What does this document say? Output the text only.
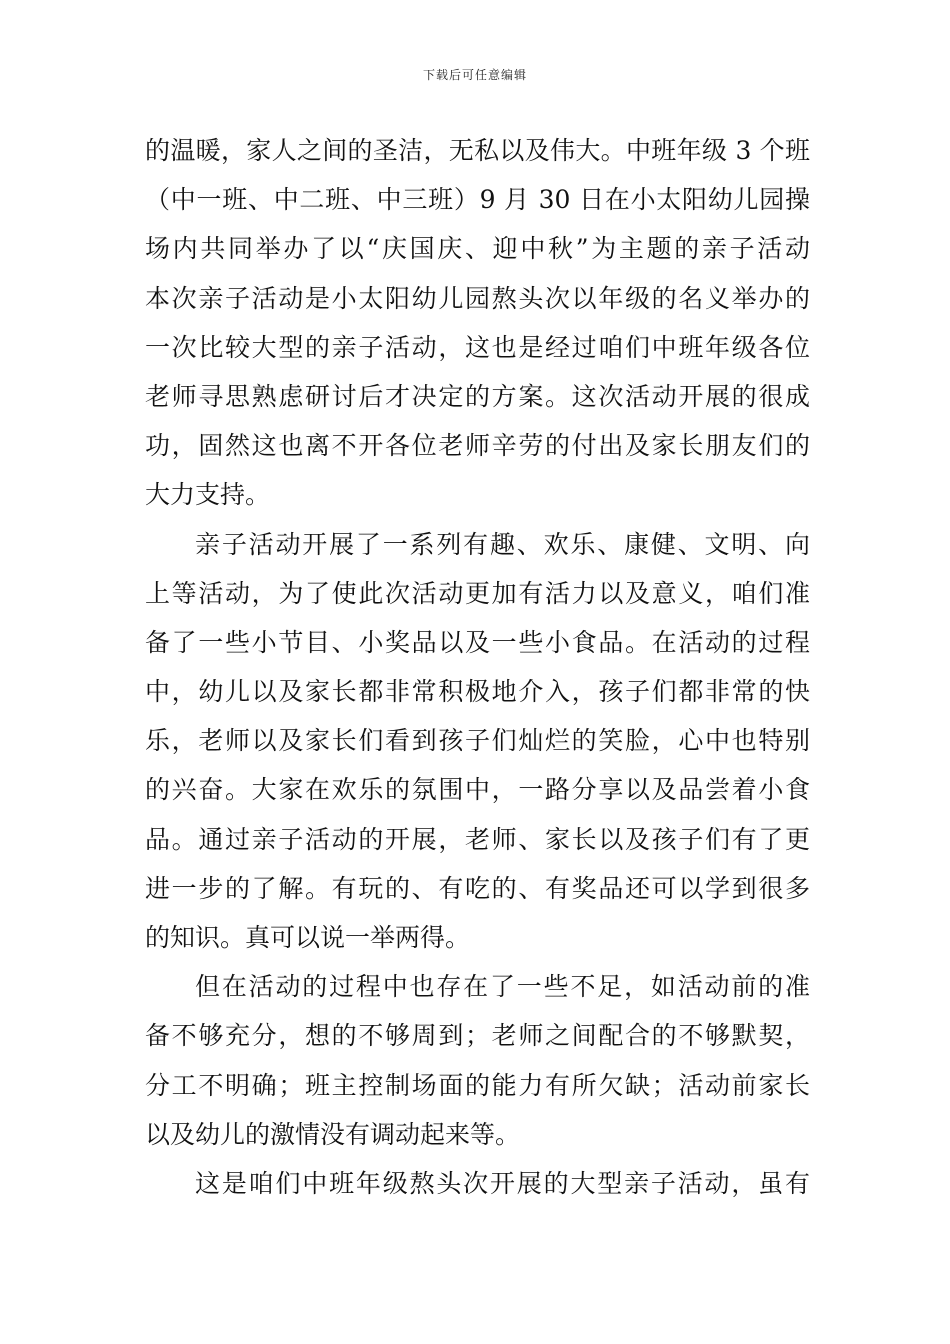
下载后可任意编辑
的温暖，家人之间的圣洁，无私以及伟大。中班年级 3 个班
（中一班、中二班、中三班）9 月 30 日在小太阳幼儿园操
场内共同举办了以“庆国庆、迎中秋”为主题的亲子活动
本次亲子活动是小太阳幼儿园熬头次以年级的名义举办的
一次比较大型的亲子活动，这也是经过咱们中班年级各位
老师寻思熟虑研讨后才决定的方案。这次活动开展的很成
功，固然这也离不开各位老师辛劳的付出及家长朋友们的
大力支持。
亲子活动开展了一系列有趣、欢乐、康健、文明、向
上等活动，为了使此次活动更加有活力以及意义，咱们准
备了一些小节目、小奖品以及一些小食品。在活动的过程
中，幼儿以及家长都非常积极地介入，孩子们都非常的快
乐，老师以及家长们看到孩子们灿烂的笑脸，心中也特别
的兴奋。大家在欢乐的氛围中，一路分享以及品尝着小食
品。通过亲子活动的开展，老师、家长以及孩子们有了更
进一步的了解。有玩的、有吃的、有奖品还可以学到很多
的知识。真可以说一举两得。
但在活动的过程中也存在了一些不足，如活动前的准
备不够充分，想的不够周到；老师之间配合的不够默契，
分工不明确；班主控制场面的能力有所欠缺；活动前家长
以及幼儿的激情没有调动起来等。
这是咱们中班年级熬头次开展的大型亲子活动，虽有
